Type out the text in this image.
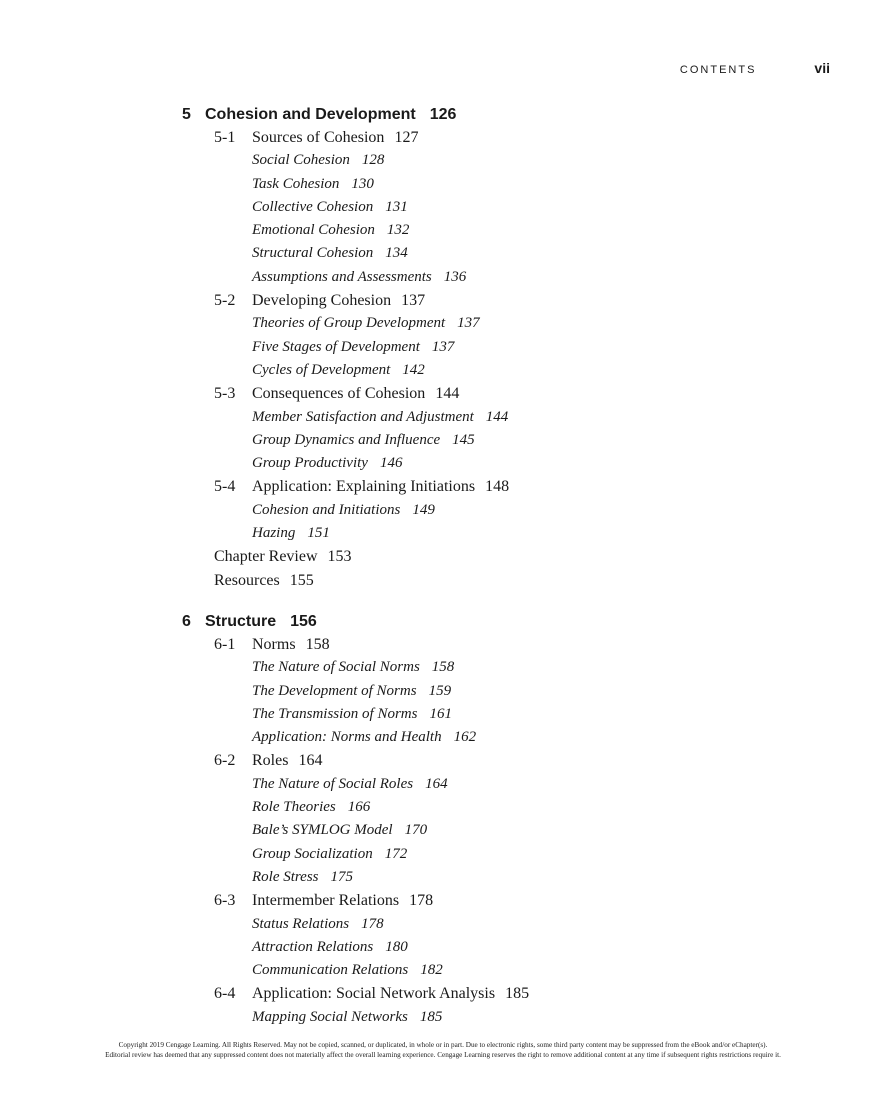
CONTENTS	vii
5 Cohesion and Development 126
5-1 Sources of Cohesion 127
Social Cohesion 128
Task Cohesion 130
Collective Cohesion 131
Emotional Cohesion 132
Structural Cohesion 134
Assumptions and Assessments 136
5-2 Developing Cohesion 137
Theories of Group Development 137
Five Stages of Development 137
Cycles of Development 142
5-3 Consequences of Cohesion 144
Member Satisfaction and Adjustment 144
Group Dynamics and Influence 145
Group Productivity 146
5-4 Application: Explaining Initiations 148
Cohesion and Initiations 149
Hazing 151
Chapter Review 153
Resources 155
6 Structure 156
6-1 Norms 158
The Nature of Social Norms 158
The Development of Norms 159
The Transmission of Norms 161
Application: Norms and Health 162
6-2 Roles 164
The Nature of Social Roles 164
Role Theories 166
Bale’s SYMLOG Model 170
Group Socialization 172
Role Stress 175
6-3 Intermember Relations 178
Status Relations 178
Attraction Relations 180
Communication Relations 182
6-4 Application: Social Network Analysis 185
Mapping Social Networks 185
Copyright 2019 Cengage Learning. All Rights Reserved. May not be copied, scanned, or duplicated, in whole or in part. Due to electronic rights, some third party content may be suppressed from the eBook and/or eChapter(s).
Editorial review has deemed that any suppressed content does not materially affect the overall learning experience. Cengage Learning reserves the right to remove additional content at any time if subsequent rights restrictions require it.
